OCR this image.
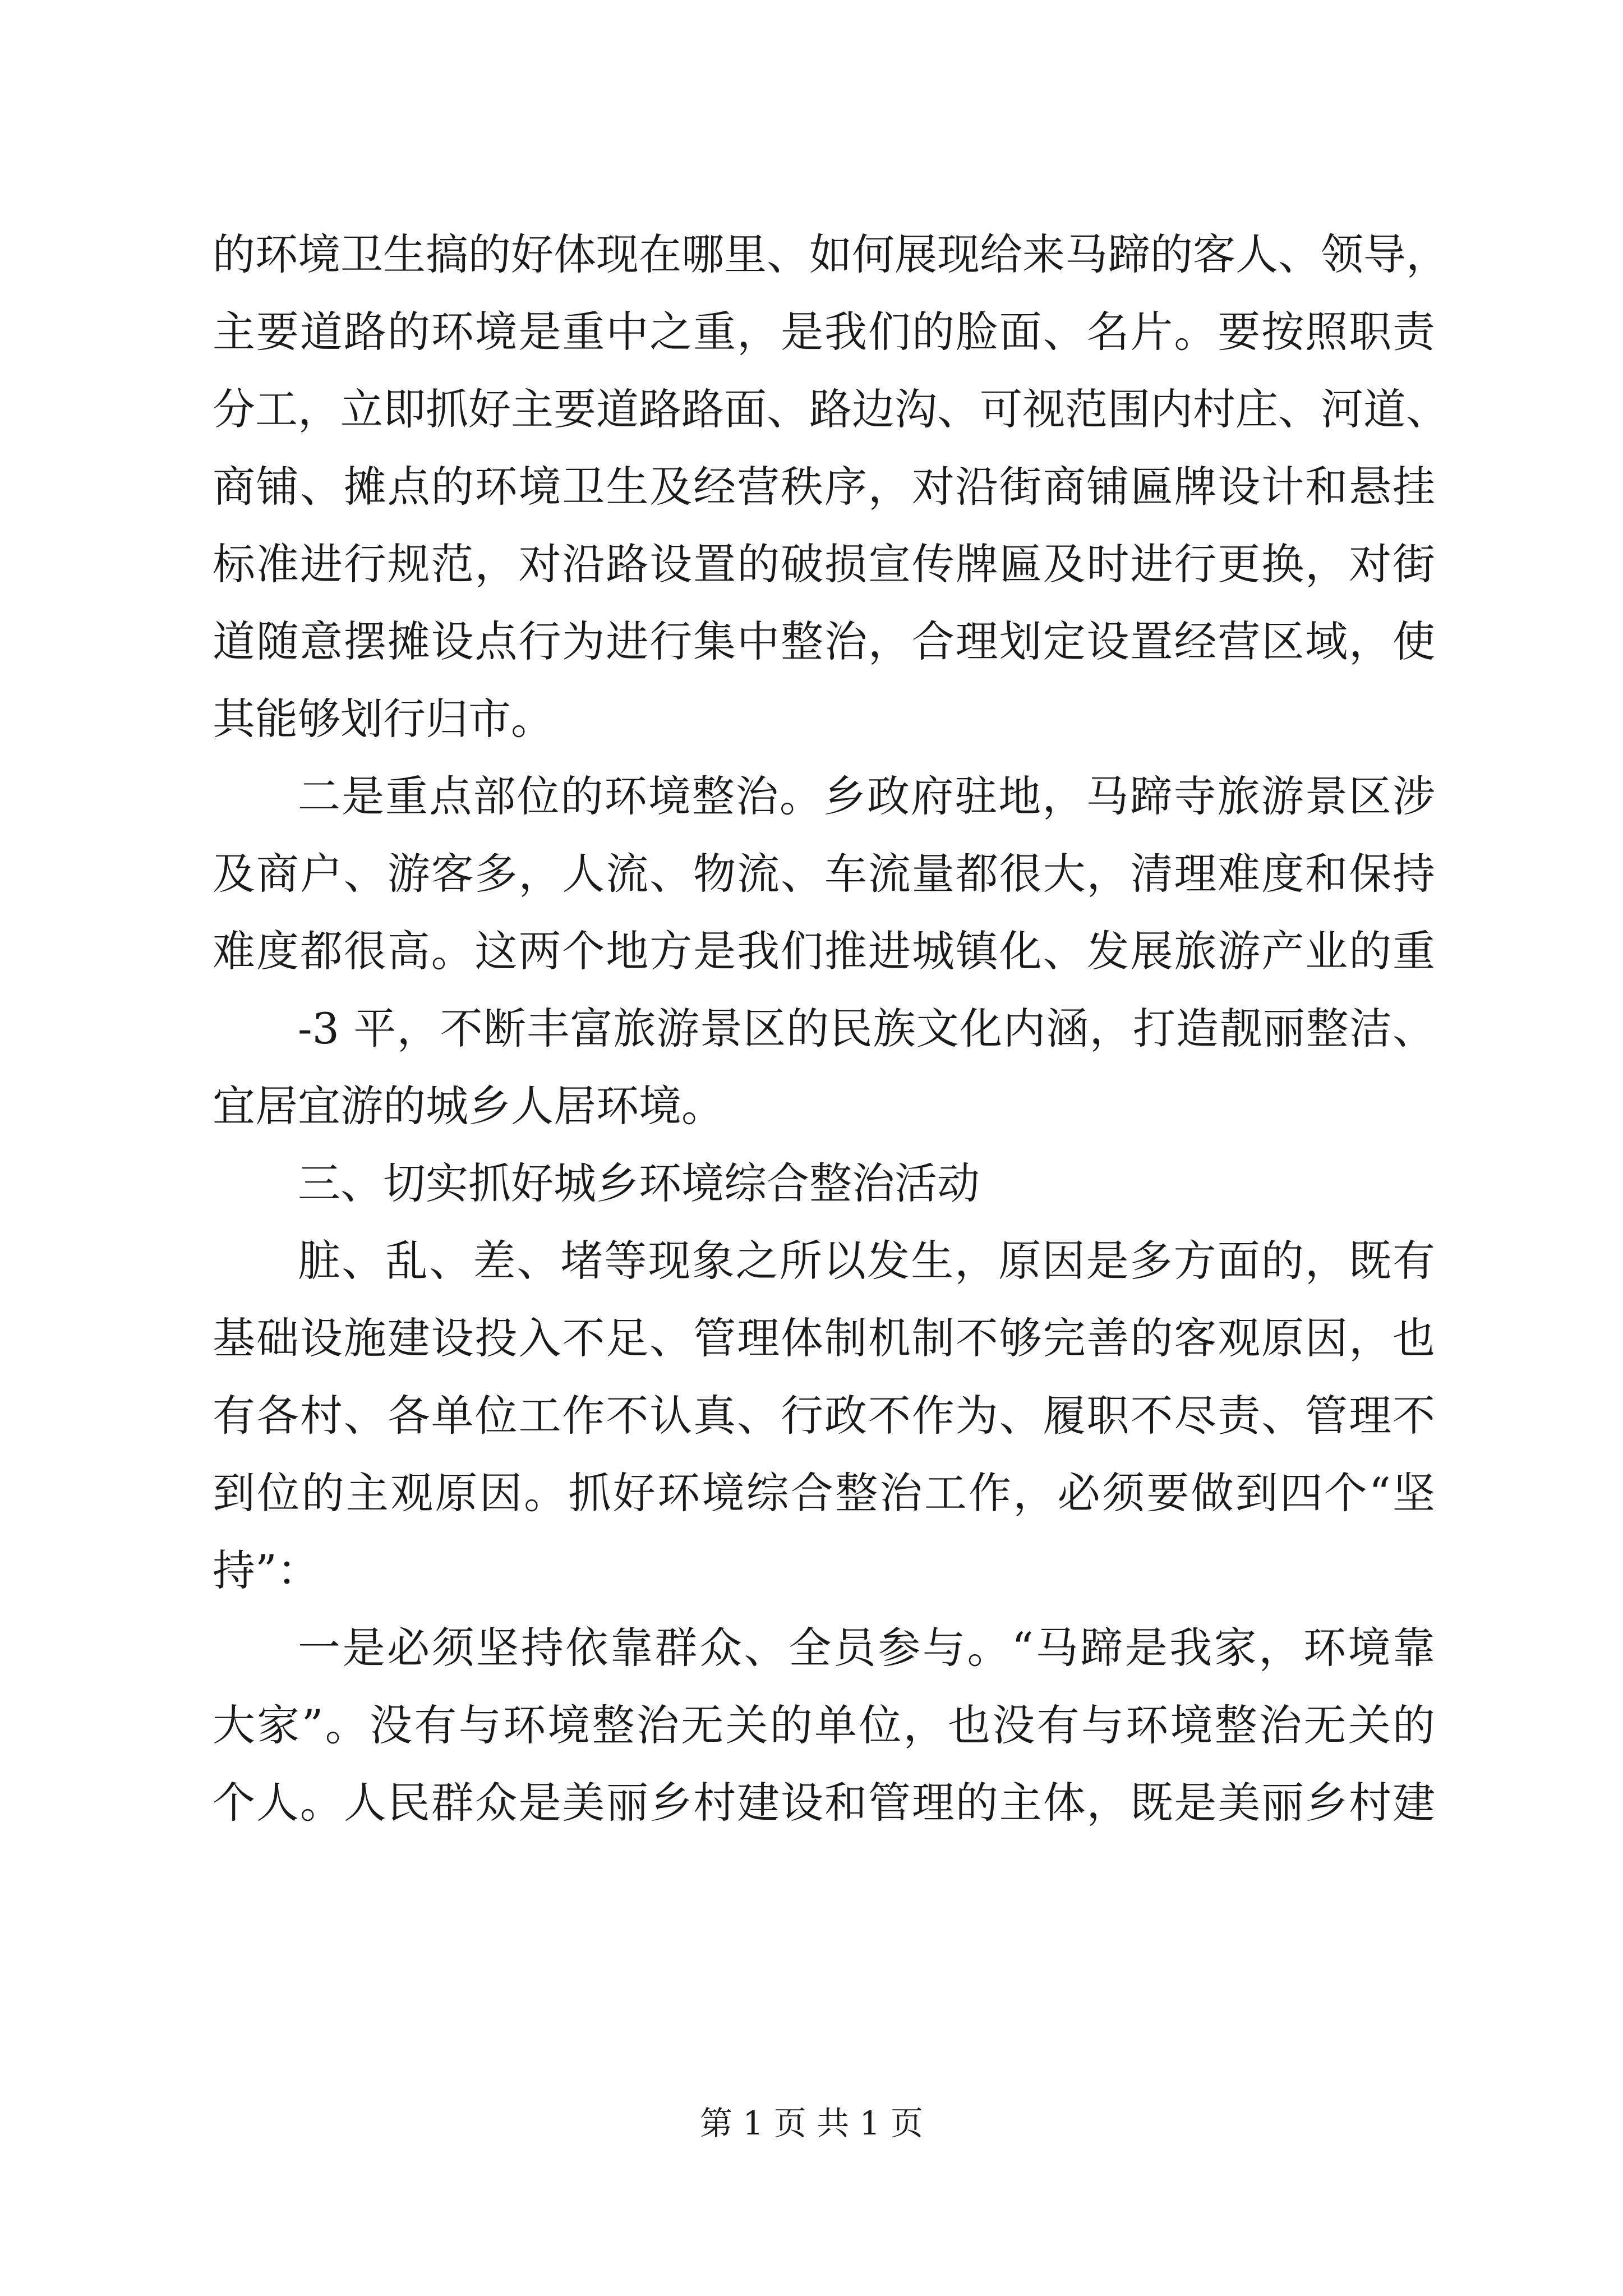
的环境卫生搞的好体现在哪里、如何展现给来马蹄的客人、领导，
主要道路的环境是重中之重，是我们的脸面、名片。要按照职责
分工，立即抓好主要道路路面、路边沟、可视范围内村庄、河道、
商铺、摊点的环境卫生及经营秩序，对沿街商铺匾牌设计和悬挂
标准进行规范，对沿路设置的破损宣传牌匾及时进行更换，对街
道随意摆摊设点行为进行集中整治，合理划定设置经营区域，使
其能够划行归市。
二是重点部位的环境整治。乡政府驻地，马蹄寺旅游景区涉
及商户、游客多，人流、物流、车流量都很大，清理难度和保持
难度都很高。这两个地方是我们推进城镇化、发展旅游产业的重
-3 平，不断丰富旅游景区的民族文化内涵，打造靓丽整洁、
宜居宜游的城乡人居环境。
三、切实抓好城乡环境综合整治活动
脏、乱、差、堵等现象之所以发生，原因是多方面的，既有
基础设施建设投入不足、管理体制机制不够完善的客观原因，也
有各村、各单位工作不认真、行政不作为、履职不尽责、管理不
到位的主观原因。抓好环境综合整治工作，必须要做到四个“坚
持”：
一是必须坚持依靠群众、全员参与。“马蹄是我家，环境靠
大家”。没有与环境整治无关的单位，也没有与环境整治无关的
个人。人民群众是美丽乡村建设和管理的主体，既是美丽乡村建
第 1 页 共 1 页
